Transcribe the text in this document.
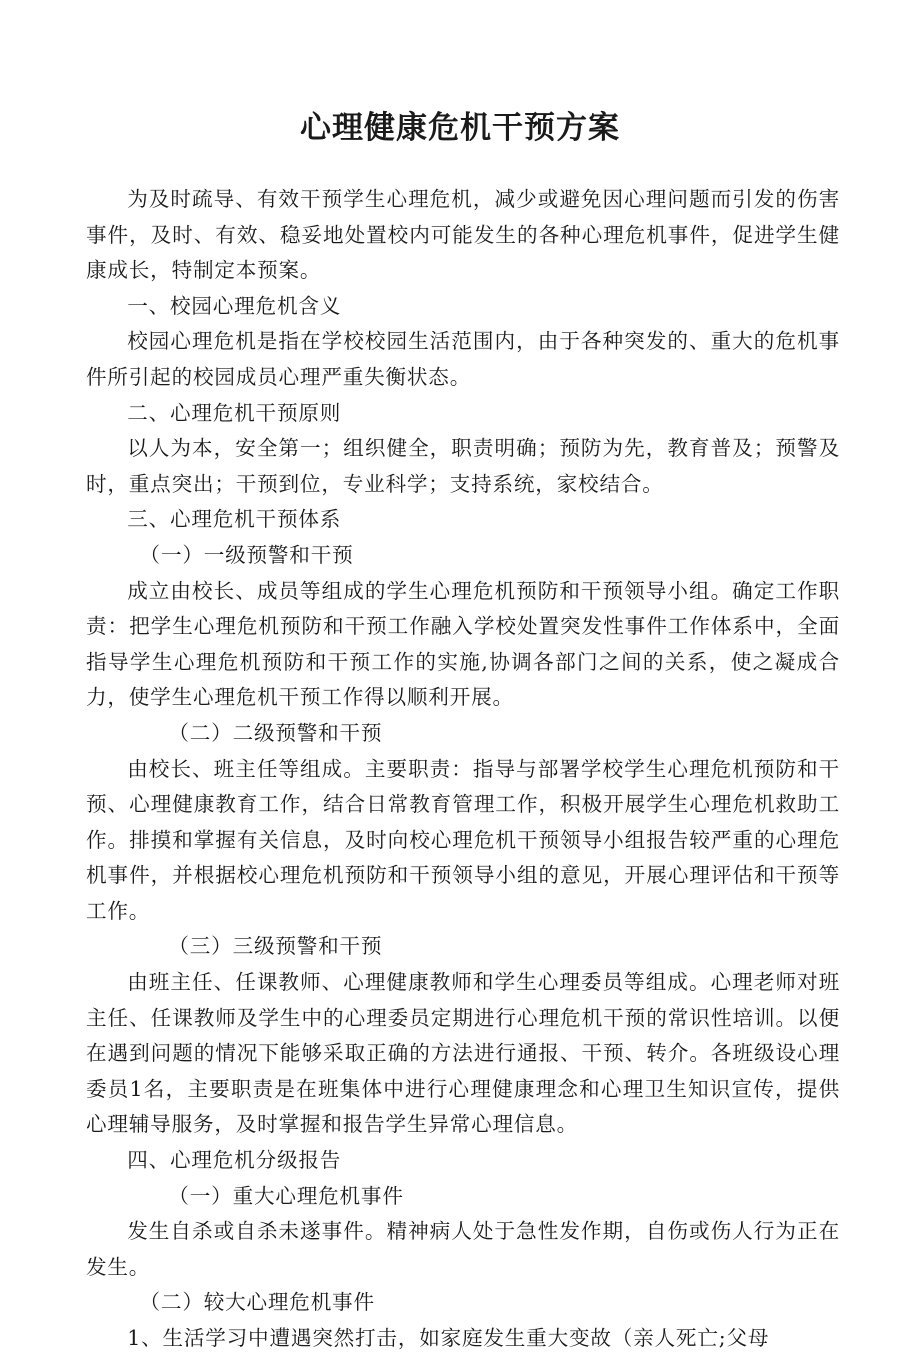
心理健康危机干预方案

为及时疏导、有效干预学生心理危机，减少或避免因心理问题而引发的伤害事件，及时、有效、稳妥地处置校内可能发生的各种心理危机事件，促进学生健康成长，特制定本预案。

一、校园心理危机含义

校园心理危机是指在学校校园生活范围内，由于各种突发的、重大的危机事件所引起的校园成员心理严重失衡状态。

二、心理危机干预原则

以人为本，安全第一；组织健全，职责明确；预防为先，教育普及；预警及时，重点突出；干预到位，专业科学；支持系统，家校结合。

三、心理危机干预体系

（一）一级预警和干预

成立由校长、成员等组成的学生心理危机预防和干预领导小组。确定工作职责：把学生心理危机预防和干预工作融入学校处置突发性事件工作体系中，全面指导学生心理危机预防和干预工作的实施,协调各部门之间的关系，使之凝成合力，使学生心理危机干预工作得以顺利开展。

（二）二级预警和干预

由校长、班主任等组成。主要职责：指导与部署学校学生心理危机预防和干预、心理健康教育工作，结合日常教育管理工作，积极开展学生心理危机救助工作。排摸和掌握有关信息，及时向校心理危机干预领导小组报告较严重的心理危机事件，并根据校心理危机预防和干预领导小组的意见，开展心理评估和干预等工作。

（三）三级预警和干预

由班主任、任课教师、心理健康教师和学生心理委员等组成。心理老师对班主任、任课教师及学生中的心理委员定期进行心理危机干预的常识性培训。以便在遇到问题的情况下能够采取正确的方法进行通报、干预、转介。各班级设心理委员1名，主要职责是在班集体中进行心理健康理念和心理卫生知识宣传，提供心理辅导服务，及时掌握和报告学生异常心理信息。

四、心理危机分级报告

（一）重大心理危机事件

发生自杀或自杀未遂事件。精神病人处于急性发作期，自伤或伤人行为正在发生。

（二）较大心理危机事件

1、生活学习中遭遇突然打击，如家庭发生重大变故（亲人死亡;父母
